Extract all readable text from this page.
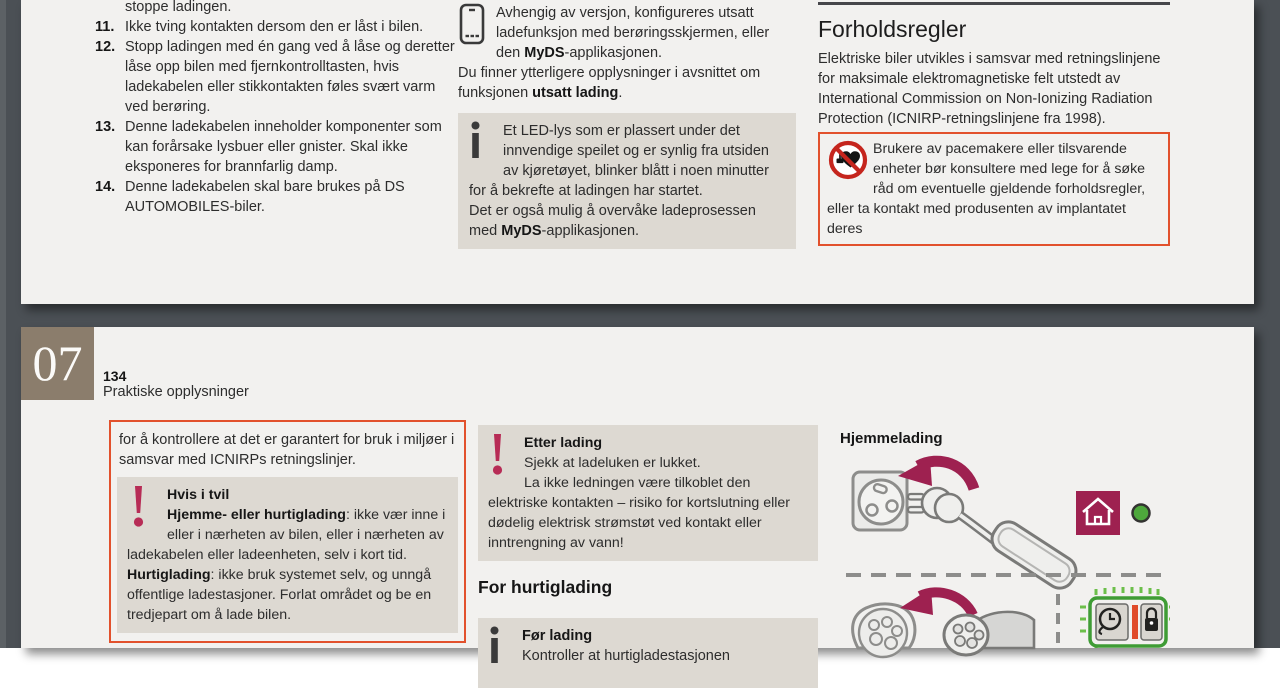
stoppe ladingen.
11. Ikke tving kontakten dersom den er låst i bilen.
12. Stopp ladingen med én gang ved å låse og deretter låse opp bilen med fjernkontrolltasten, hvis ladekabelen eller stikkontakten føles svært varm ved berøring.
13. Denne ladekabelen inneholder komponenter som kan forårsake lysbuer eller gnister. Skal ikke eksponeres for brannfarlig damp.
14. Denne ladekabelen skal bare brukes på DS AUTOMOBILES-biler.
Avhengig av versjon, konfigureres utsatt ladefunksjon med berøringsskjermen, eller den MyDS-applikasjonen.
Du finner ytterligere opplysninger i avsnittet om funksjonen utsatt lading.
Et LED-lys som er plassert under det innvendige speilet og er synlig fra utsiden av kjøretøyet, blinker blått i noen minutter for å bekrefte at ladingen har startet.
Det er også mulig å overvåke ladeprosessen med MyDS-applikasjonen.
Forholdsregler
Elektriske biler utvikles i samsvar med retningslinjene for maksimale elektromagnetiske felt utstedt av International Commission on Non-Ionizing Radiation Protection (ICNIRP-retningslinjene fra 1998).
Brukere av pacemakere eller tilsvarende enheter bør konsultere med lege for å søke råd om eventuelle gjeldende forholdsregler, eller ta kontakt med produsenten av implantatet deres
07	134
Praktiske opplysninger
for å kontrollere at det er garantert for bruk i miljøer i samsvar med ICNIRPs retningslinjer.
Hvis i tvil
Hjemme- eller hurtiglading: ikke vær inne i eller i nærheten av bilen, eller i nærheten av ladekabelen eller ladeenheten, selv i kort tid.
Hurtiglading: ikke bruk systemet selv, og unngå offentlige ladestasjoner. Forlat området og be en tredjepart om å lade bilen.
Etter lading
Sjekk at ladeluken er lukket.
La ikke ledningen være tilkoblet den elektriske kontakten – risiko for kortslutning eller dødelig elektrisk strømstøt ved kontakt eller inntrengning av vann!
For hurtiglading
Før lading
Kontroller at hurtigladestasjonen
Hjemmelading
